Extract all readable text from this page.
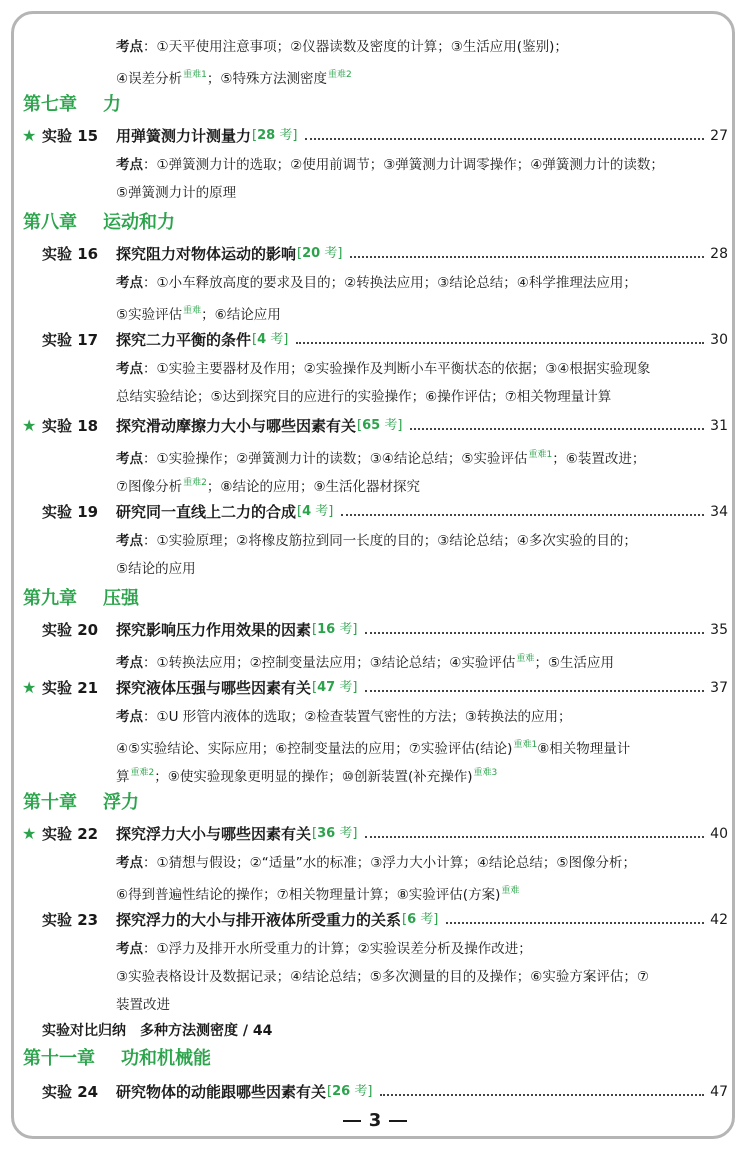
考点：①天平使用注意事项；②仪器读数及密度的计算；③生活应用(鉴别)；
④误差分析$^{重难1}$；⑤特殊方法测密度$^{重难2}$
第七章 力
★ 实验 15 用弹簧测力计测量力 [28 考]	27
考点：①弹簧测力计的选取；②使用前调节；③弹簧测力计调零操作；④弹簧测力计的读数；
⑤弹簧测力计的原理
第八章 运动和力
实验 16 探究阻力对物体运动的影响 [20 考]	28
考点：①小车释放高度的要求及目的；②转换法应用；③结论总结；④科学推理法应用；
⑤实验评估$^{重难}$；⑥结论应用
实验 17 探究二力平衡的条件 [4 考]	30
考点：①实验主要器材及作用；②实验操作及判断小车平衡状态的依据；③④根据实验现象
总结实验结论；⑤达到探究目的应进行的实验操作；⑥操作评估；⑦相关物理量计算
★ 实验 18 探究滑动摩擦力大小与哪些因素有关 [65 考]	31
考点：①实验操作；②弹簧测力计的读数；③④结论总结；⑤实验评估$^{重难1}$；⑥装置改进；
⑦图像分析$^{重难2}$；⑧结论的应用；⑨生活化器材探究
实验 19 研究同一直线上二力的合成 [4 考]	34
考点：①实验原理；②将橡皮筋拉到同一长度的目的；③结论总结；④多次实验的目的；
⑤结论的应用
第九章 压强
实验 20 探究影响压力作用效果的因素 [16 考]	35
考点：①转换法应用；②控制变量法应用；③结论总结；④实验评估$^{重难}$；⑤生活应用
★ 实验 21 探究液体压强与哪些因素有关 [47 考]	37
考点：①U 形管内液体的选取；②检查装置气密性的方法；③转换法的应用；
④⑤实验结论、实际应用；⑥控制变量法的应用；⑦实验评估(结论)$^{重难1}$⑧相关物理量计
算$^{重难2}$；⑨使实验现象更明显的操作；⑩创新装置(补充操作)$^{重难3}$
第十章 浮力
★ 实验 22 探究浮力大小与哪些因素有关 [36 考]	40
考点：①猜想与假设；②“适量”水的标准；③浮力大小计算；④结论总结；⑤图像分析；
⑥得到普遍性结论的操作；⑦相关物理量计算；⑧实验评估(方案)$^{重难}$
实验 23 探究浮力的大小与排开液体所受重力的关系 [6 考]	42
考点：①浮力及排开水所受重力的计算；②实验误差分析及操作改进；
③实验表格设计及数据记录；④结论总结；⑤多次测量的目的及操作；⑥实验方案评估；⑦
装置改进
实验对比归纳　多种方法测密度 / 44
第十一章 功和机械能
实验 24 研究物体的动能跟哪些因素有关 [26 考]	47
3
